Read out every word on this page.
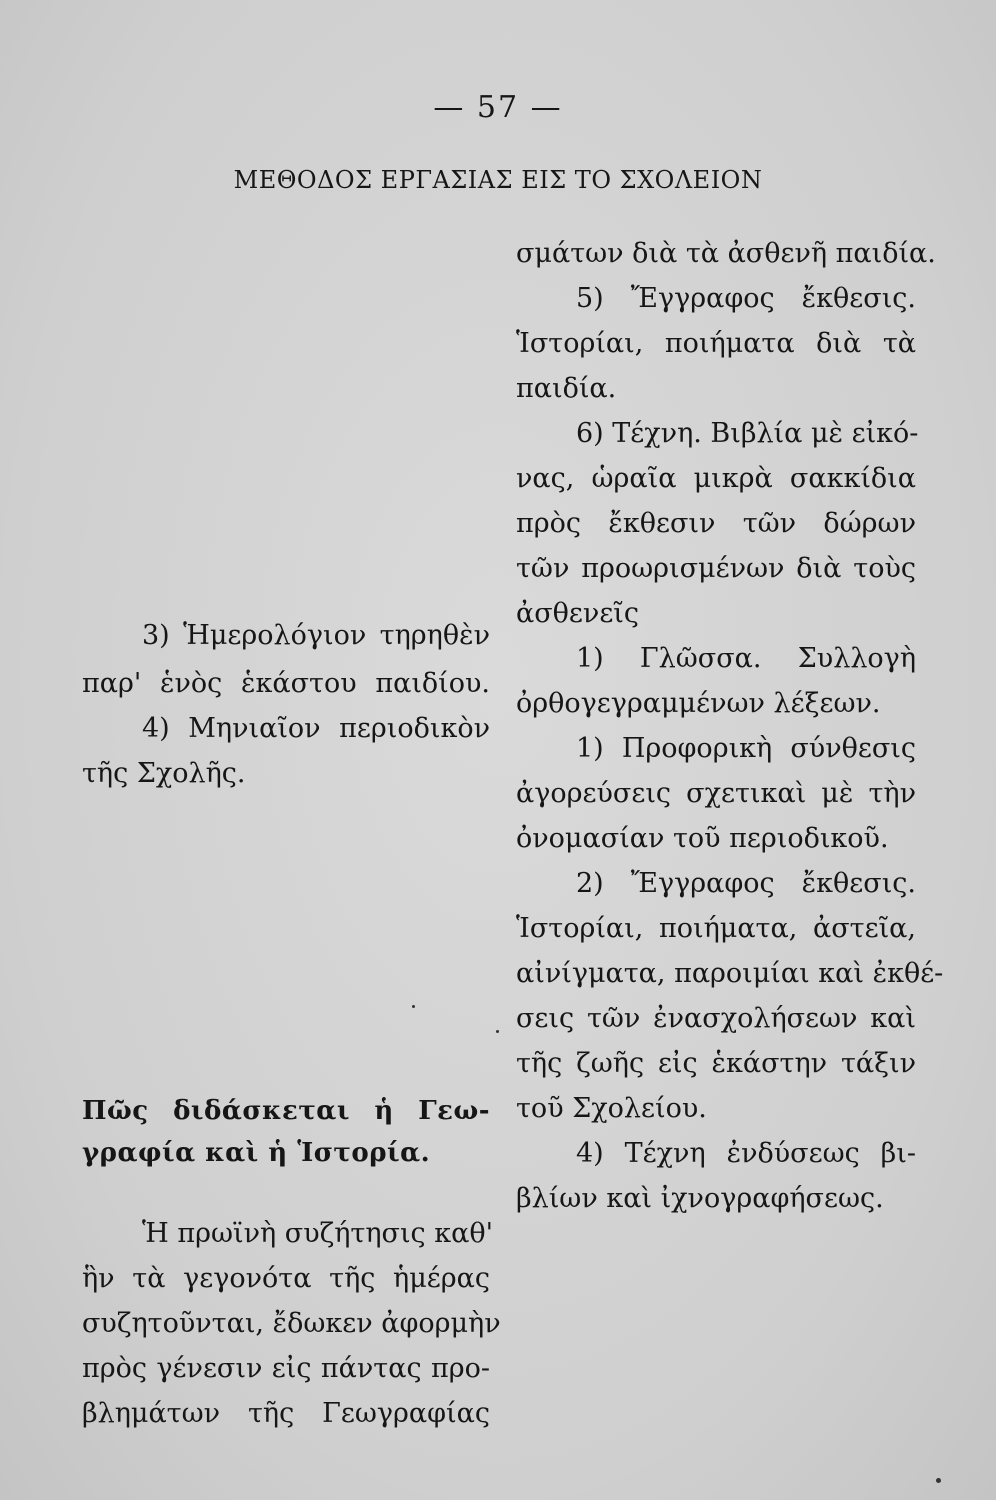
— 57 —
ΜΕΘΟΔΟΣ ΕΡΓΑΣΙΑΣ ΕΙΣ ΤΟ ΣΧΟΛΕΙΟΝ
3) Ἡμερολόγιον τηρηθὲν
παρ' ἑνὸς ἑκάστου παιδίου.
4) Μηνιαῖον περιοδικὸν
τῆς Σχολῆς.
Πῶς διδάσκεται ἡ Γεω-
γραφία καὶ ἡ Ἱστορία.
Ἡ πρωϊνὴ συζήτησις καθ'
ἣν τὰ γεγονότα τῆς ἡμέρας
συζητοῦνται, ἔδωκεν ἀφορμὴν
πρὸς γένεσιν εἰς πάντας προ-
βλημάτων τῆς Γεωγραφίας
σμάτων διὰ τὰ ἀσθενῆ παιδία.
5) Ἔγγραφος ἔκθεσις.
Ἱστορίαι, ποιήματα διὰ τὰ
παιδία.
6) Τέχνη. Βιβλία μὲ εἰκό-
νας, ὡραῖα μικρὰ σακκίδια
πρὸς ἔκθεσιν τῶν δώρων
τῶν προωρισμένων διὰ τοὺς
ἀσθενεῖς
1) Γλῶσσα. Συλλογὴ
ὀρθογεγραμμένων λέξεων.
1) Προφορικὴ σύνθεσις
ἀγορεύσεις σχετικαὶ μὲ τὴν
ὀνομασίαν τοῦ περιοδικοῦ.
2) Ἔγγραφος ἔκθεσις.
Ἱστορίαι, ποιήματα, ἀστεῖα,
αἰνίγματα, παροιμίαι καὶ ἐκθέ-
σεις τῶν ἐνασχολήσεων καὶ
τῆς ζωῆς εἰς ἑκάστην τάξιν
τοῦ Σχολείου.
4) Τέχνη ἐνδύσεως βι-
βλίων καὶ ἰχνογραφήσεως.
